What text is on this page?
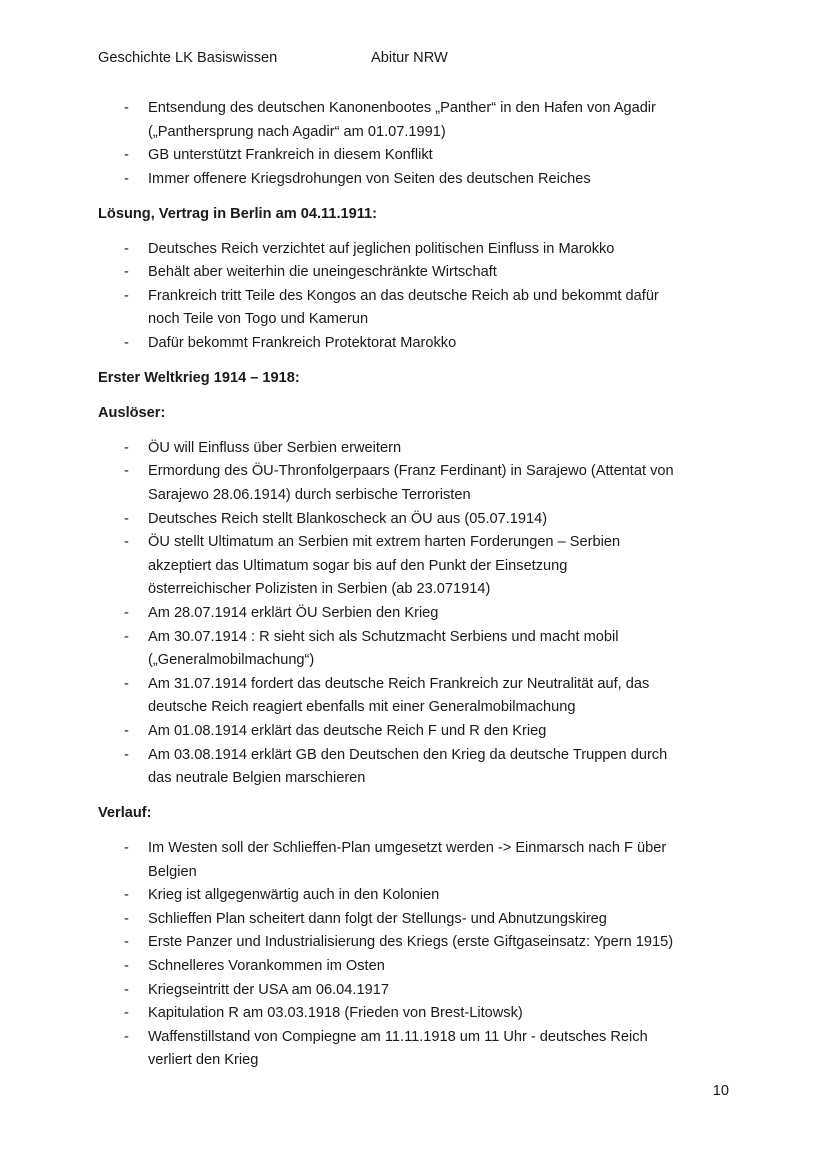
Geschichte LK Basiswissen	Abitur NRW
- Entsendung des deutschen Kanonenbootes „Panther“ in den Hafen von Agadir
(„Panthersprung nach Agadir“ am 01.07.1991)
- GB unterstützt Frankreich in diesem Konflikt
- Immer offenere Kriegsdrohungen von Seiten des deutschen Reiches
Lösung, Vertrag in Berlin am 04.11.1911:
- Deutsches Reich verzichtet auf jeglichen politischen Einfluss in Marokko
- Behält aber weiterhin die uneingeschränkte Wirtschaft
- Frankreich tritt Teile des Kongos an das deutsche Reich ab und bekommt dafür
noch Teile von Togo und Kamerun
- Dafür bekommt Frankreich Protektorat Marokko
Erster Weltkrieg 1914 – 1918:
Auslöser:
- ÖU will Einfluss über Serbien erweitern
- Ermordung des ÖU-Thronfolgerpaars (Franz Ferdinant) in Sarajewo (Attentat von
Sarajewo 28.06.1914) durch serbische Terroristen
- Deutsches Reich stellt Blankoscheck an ÖU aus (05.07.1914)
- ÖU stellt Ultimatum an Serbien mit extrem harten Forderungen – Serbien
akzeptiert das Ultimatum sogar bis auf den Punkt der Einsetzung
österreichischer Polizisten in Serbien (ab 23.071914)
- Am 28.07.1914 erklärt ÖU Serbien den Krieg
- Am 30.07.1914 : R sieht sich als Schutzmacht Serbiens und macht mobil
(„Generalmobilmachung“)
- Am 31.07.1914 fordert das deutsche Reich Frankreich zur Neutralität auf, das
deutsche Reich reagiert ebenfalls mit einer Generalmobilmachung
- Am 01.08.1914 erklärt das deutsche Reich F und R den Krieg
- Am 03.08.1914 erklärt GB den Deutschen den Krieg da deutsche Truppen durch
das neutrale Belgien marschieren
Verlauf:
- Im Westen soll der Schlieffen-Plan umgesetzt werden -> Einmarsch nach F über
Belgien
- Krieg ist allgegenwärtig auch in den Kolonien
- Schlieffen Plan scheitert dann folgt der Stellungs- und Abnutzungskireg
- Erste Panzer und Industrialisierung des Kriegs (erste Giftgaseinsatz: Ypern 1915)
- Schnelleres Vorankommen im Osten
- Kriegseintritt der USA am 06.04.1917
- Kapitulation R am 03.03.1918 (Frieden von Brest-Litowsk)
- Waffenstillstand von Compiegne am 11.11.1918 um 11 Uhr - deutsches Reich
verliert den Krieg
10
